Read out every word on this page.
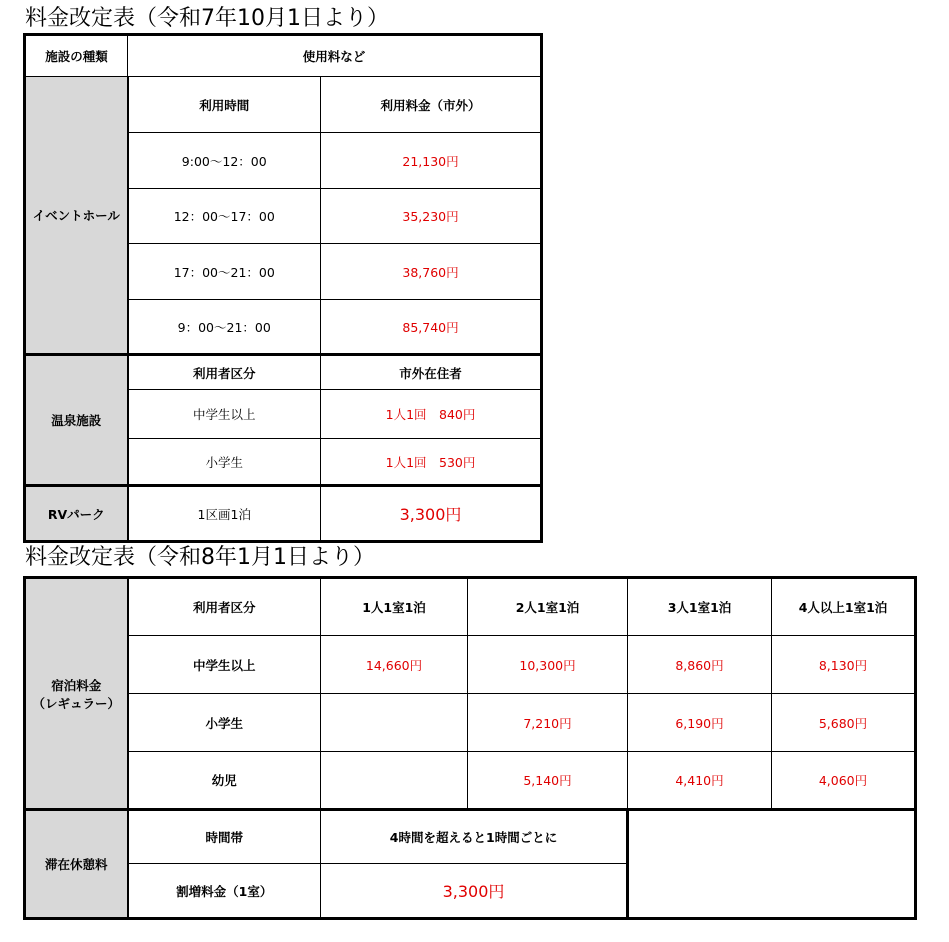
料金改定表（令和7年10月1日より）
施設の種類	使用料など	
イベントホール	利用時間	利用料金（市外）
	9:00～12：00	21,130円
	12：00～17：00	35,230円
	17：00～21：00	38,760円
	9：00～21：00	85,740円
温泉施設	利用者区分	市外在住者
	中学生以上	1人1回　840円
	小学生	1人1回　530円
RVパーク	1区画1泊	3,300円
料金改定表（令和8年1月1日より）
宿泊料金
（レギュラー）	利用者区分	1人1室1泊	2人1室1泊	3人1室1泊	4人以上1室1泊
	中学生以上	14,660円	10,300円	8,860円	8,130円
	小学生		7,210円	6,190円	5,680円
	幼児		5,140円	4,410円	4,060円
滞在休憩料	時間帯	4時間を超えると1時間ごとに			
	割増料金（1室）	3,300円			
